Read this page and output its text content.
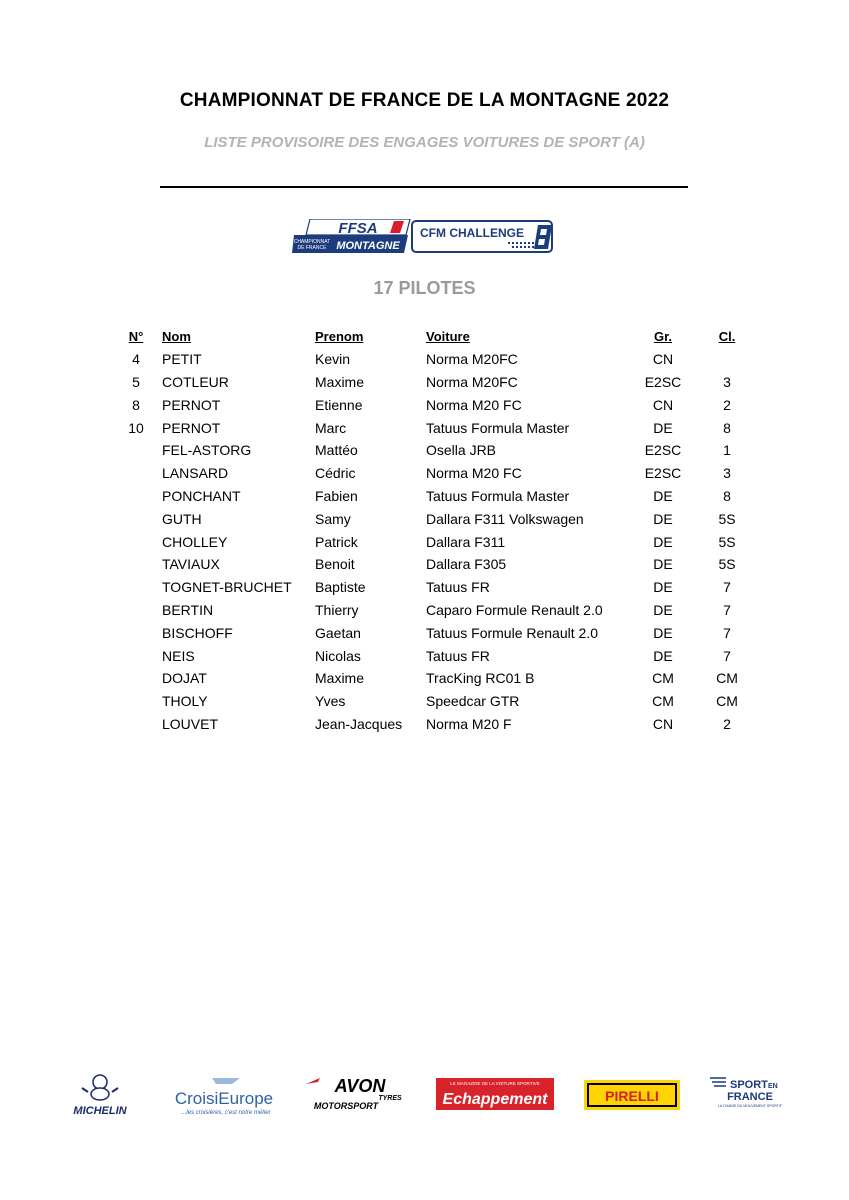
CHAMPIONNAT DE FRANCE DE LA MONTAGNE 2022
LISTE PROVISOIRE DES ENGAGES VOITURES DE SPORT (A)
FFSA
CHAMPIONNAT
DE FRANCE MONTAGNE
CFM CHALLENGE
17 PILOTES
N°	Nom	Prenom	Voiture	Gr.	Cl.
4	PETIT	Kevin	Norma M20FC	CN	
5	COTLEUR	Maxime	Norma M20FC	E2SC	3
8	PERNOT	Etienne	Norma M20 FC	CN	2
10	PERNOT	Marc	Tatuus Formula Master	DE	8
	FEL-ASTORG	Mattéo	Osella JRB	E2SC	1
	LANSARD	Cédric	Norma M20 FC	E2SC	3
	PONCHANT	Fabien	Tatuus Formula Master	DE	8
	GUTH	Samy	Dallara F311 Volkswagen	DE	5S
	CHOLLEY	Patrick	Dallara F311	DE	5S
	TAVIAUX	Benoit	Dallara F305	DE	5S
	TOGNET-BRUCHET	Baptiste	Tatuus FR	DE	7
	BERTIN	Thierry	Caparo Formule Renault 2.0	DE	7
	BISCHOFF	Gaetan	Tatuus Formule Renault 2.0	DE	7
	NEIS	Nicolas	Tatuus FR	DE	7
	DOJAT	Maxime	TracKing RC01 B	CM	CM
	THOLY	Yves	Speedcar GTR	CM	CM
	LOUVET	Jean-Jacques	Norma M20 F	CN	2
MICHELIN
CroisiEurope
...les croisières, c'est notre métier
AVON
TYRES
MOTORSPORT
LE MAGAZINE DE LA VOITURE SPORTIVE
Echappement	PIRELLI
SPORT EN
FRANCE
LA CHAINE DU MOUVEMENT SPORTIF
